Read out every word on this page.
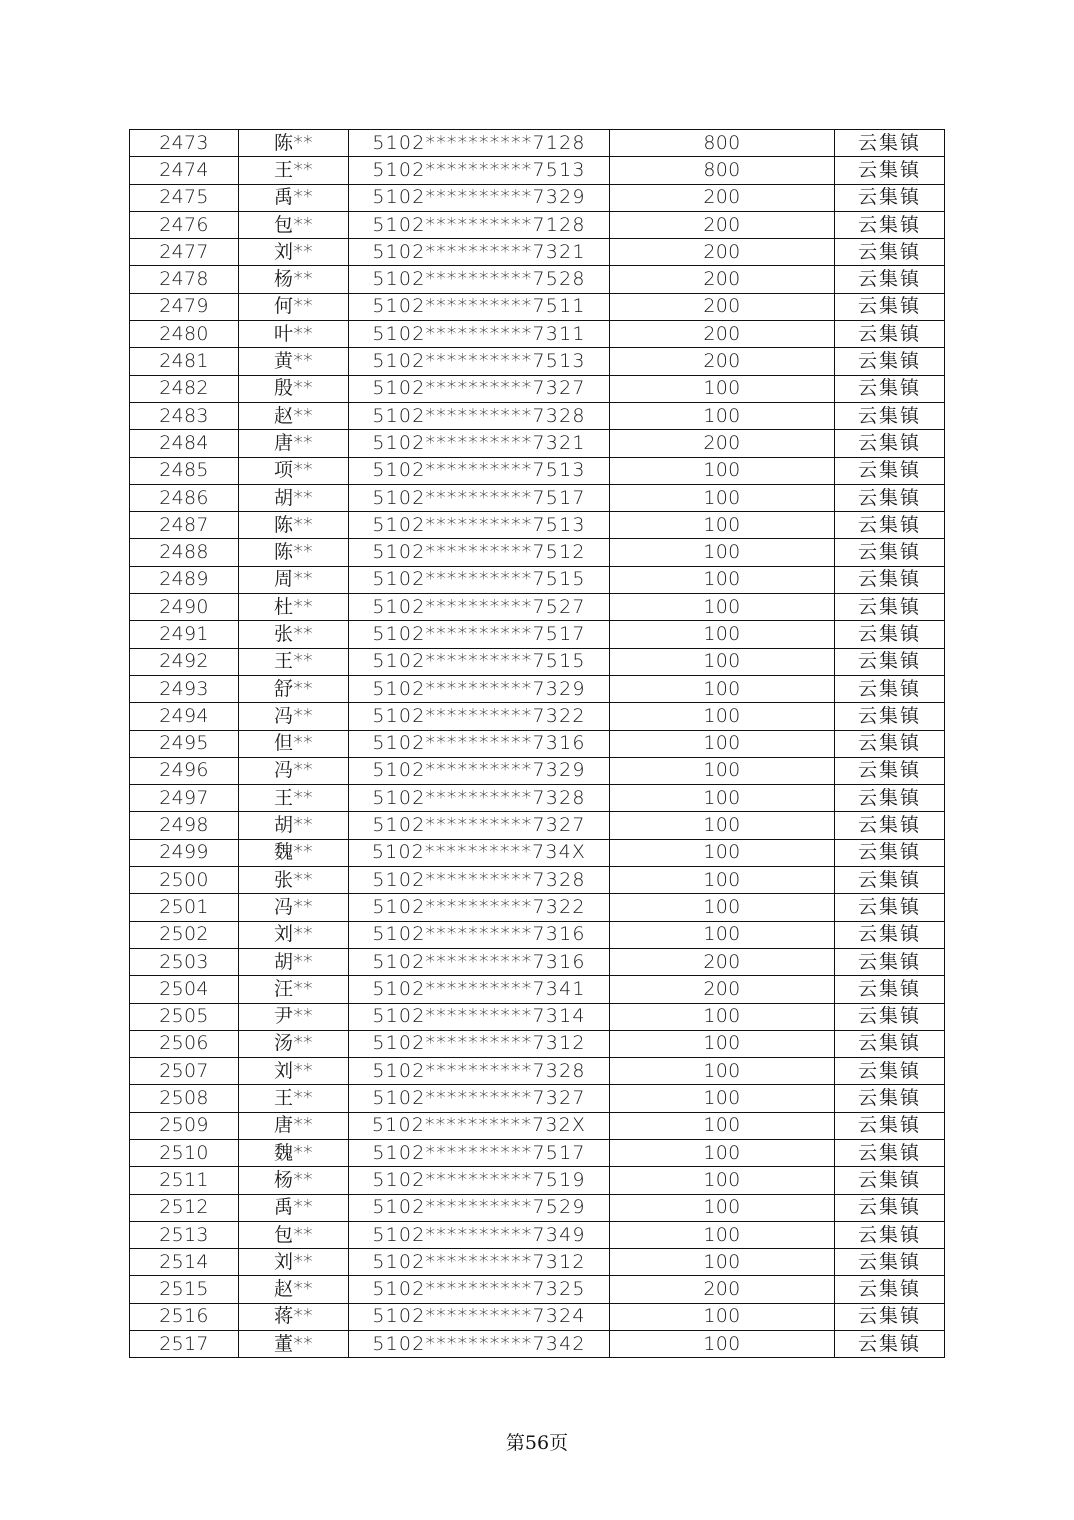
2473	陈**	5102**********7128	800	云集镇
2474	王**	5102**********7513	800	云集镇
2475	禹**	5102**********7329	200	云集镇
2476	包**	5102**********7128	200	云集镇
2477	刘**	5102**********7321	200	云集镇
2478	杨**	5102**********7528	200	云集镇
2479	何**	5102**********7511	200	云集镇
2480	叶**	5102**********7311	200	云集镇
2481	黄**	5102**********7513	200	云集镇
2482	殷**	5102**********7327	100	云集镇
2483	赵**	5102**********7328	100	云集镇
2484	唐**	5102**********7321	200	云集镇
2485	项**	5102**********7513	100	云集镇
2486	胡**	5102**********7517	100	云集镇
2487	陈**	5102**********7513	100	云集镇
2488	陈**	5102**********7512	100	云集镇
2489	周**	5102**********7515	100	云集镇
2490	杜**	5102**********7527	100	云集镇
2491	张**	5102**********7517	100	云集镇
2492	王**	5102**********7515	100	云集镇
2493	舒**	5102**********7329	100	云集镇
2494	冯**	5102**********7322	100	云集镇
2495	但**	5102**********7316	100	云集镇
2496	冯**	5102**********7329	100	云集镇
2497	王**	5102**********7328	100	云集镇
2498	胡**	5102**********7327	100	云集镇
2499	魏**	5102**********734X	100	云集镇
2500	张**	5102**********7328	100	云集镇
2501	冯**	5102**********7322	100	云集镇
2502	刘**	5102**********7316	100	云集镇
2503	胡**	5102**********7316	200	云集镇
2504	汪**	5102**********7341	200	云集镇
2505	尹**	5102**********7314	100	云集镇
2506	汤**	5102**********7312	100	云集镇
2507	刘**	5102**********7328	100	云集镇
2508	王**	5102**********7327	100	云集镇
2509	唐**	5102**********732X	100	云集镇
2510	魏**	5102**********7517	100	云集镇
2511	杨**	5102**********7519	100	云集镇
2512	禹**	5102**********7529	100	云集镇
2513	包**	5102**********7349	100	云集镇
2514	刘**	5102**********7312	100	云集镇
2515	赵**	5102**********7325	200	云集镇
2516	蒋**	5102**********7324	100	云集镇
2517	董**	5102**********7342	100	云集镇
第56页
